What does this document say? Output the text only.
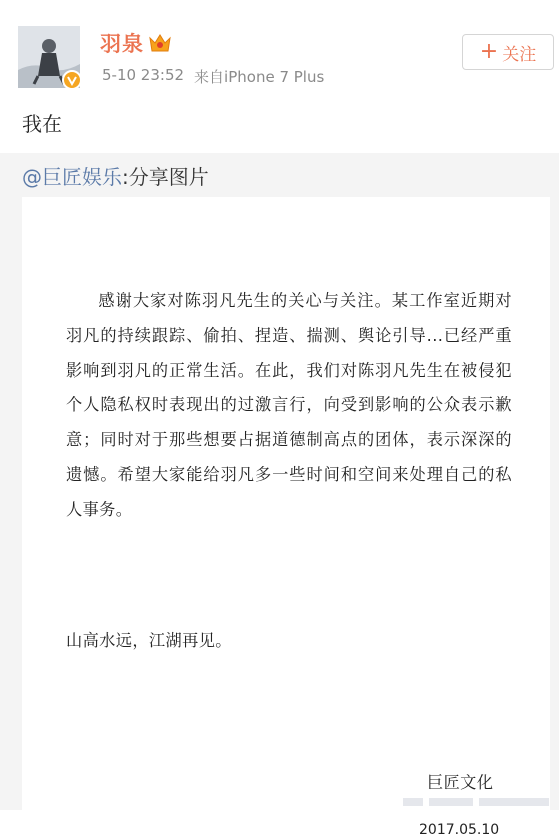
羽泉
5-10 23:52 来自iPhone 7 Plus
+ 关注
我在
@巨匠娱乐 :分享图片

感谢大家对陈羽凡先生的关心与关注。某工作室近期对羽凡的持续跟踪、偷拍、捏造、揣测、舆论引导...已经严重影响到羽凡的正常生活。在此，我们对陈羽凡先生在被侵犯个人隐私权时表现出的过激言行，向受到影响的公众表示歉意；同时对于那些想要占据道德制高点的团体，表示深深的遗憾。希望大家能给羽凡多一些时间和空间来处理自己的私人事务。

山高水远，江湖再见。
巨匠文化
2017.05.10
